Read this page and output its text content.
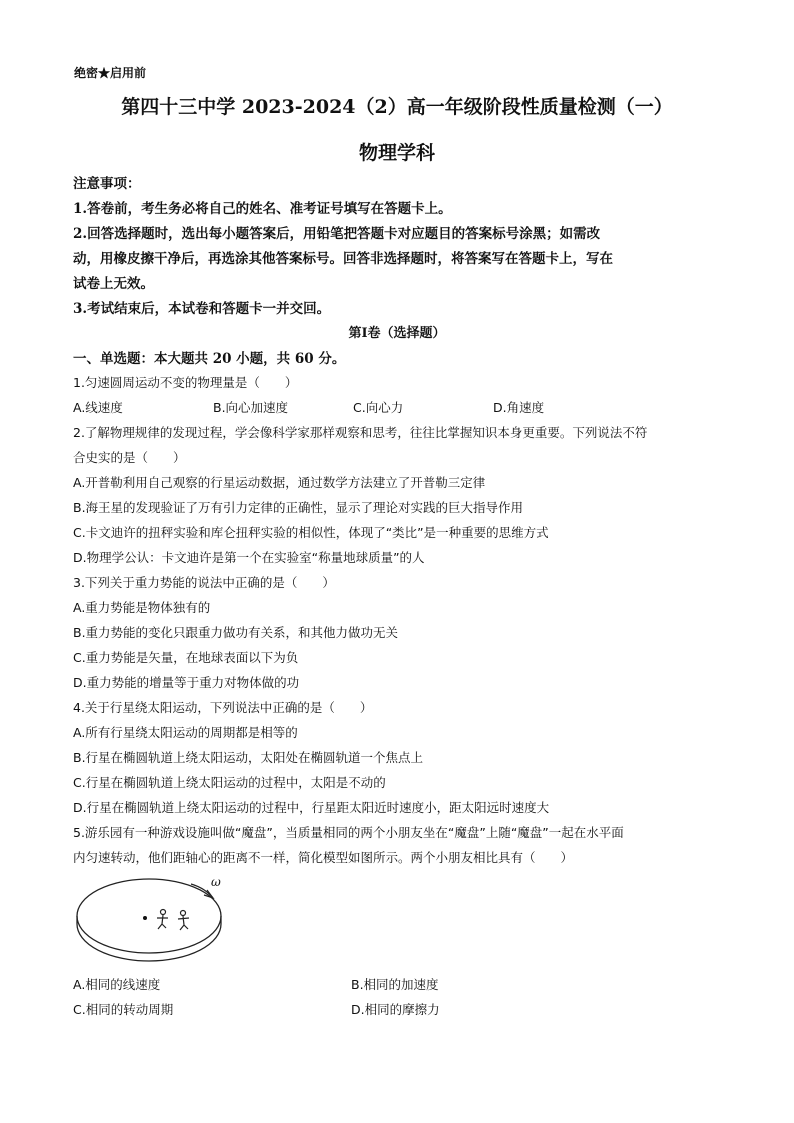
绝密★启用前
第四十三中学 2023-2024（2）高一年级阶段性质量检测（一）
物理学科
注意事项：
1.答卷前，考生务必将自己的姓名、准考证号填写在答题卡上。
2.回答选择题时，选出每小题答案后，用铅笔把答题卡对应题目的答案标号涂黑；如需改
动，用橡皮擦干净后，再选涂其他答案标号。回答非选择题时，将答案写在答题卡上，写在
试卷上无效。
3.考试结束后，本试卷和答题卡一并交回。
第Ⅰ卷（选择题）
一、单选题：本大题共 20 小题，共 60 分。
1.匀速圆周运动不变的物理量是（　　）
A.线速度	B.向心加速度	C.向心力	D.角速度
2.了解物理规律的发现过程，学会像科学家那样观察和思考，往往比掌握知识本身更重要。下列说法不符
合史实的是（　　）
A.开普勒利用自己观察的行星运动数据，通过数学方法建立了开普勒三定律
B.海王星的发现验证了万有引力定律的正确性，显示了理论对实践的巨大指导作用
C.卡文迪许的扭秤实验和库仑扭秤实验的相似性，体现了“类比”是一种重要的思维方式
D.物理学公认：卡文迪许是第一个在实验室“称量地球质量”的人
3.下列关于重力势能的说法中正确的是（　　）
A.重力势能是物体独有的
B.重力势能的变化只跟重力做功有关系，和其他力做功无关
C.重力势能是矢量，在地球表面以下为负
D.重力势能的增量等于重力对物体做的功
4.关于行星绕太阳运动，下列说法中正确的是（　　）
A.所有行星绕太阳运动的周期都是相等的
B.行星在椭圆轨道上绕太阳运动，太阳处在椭圆轨道一个焦点上
C.行星在椭圆轨道上绕太阳运动的过程中，太阳是不动的
D.行星在椭圆轨道上绕太阳运动的过程中，行星距太阳近时速度小，距太阳远时速度大
5.游乐园有一种游戏设施叫做“魔盘”，当质量相同的两个小朋友坐在“魔盘”上随“魔盘”一起在水平面
内匀速转动，他们距轴心的距离不一样，简化模型如图所示。两个小朋友相比具有（　　）
ω
A.相同的线速度	B.相同的加速度
C.相同的转动周期	D.相同的摩擦力
